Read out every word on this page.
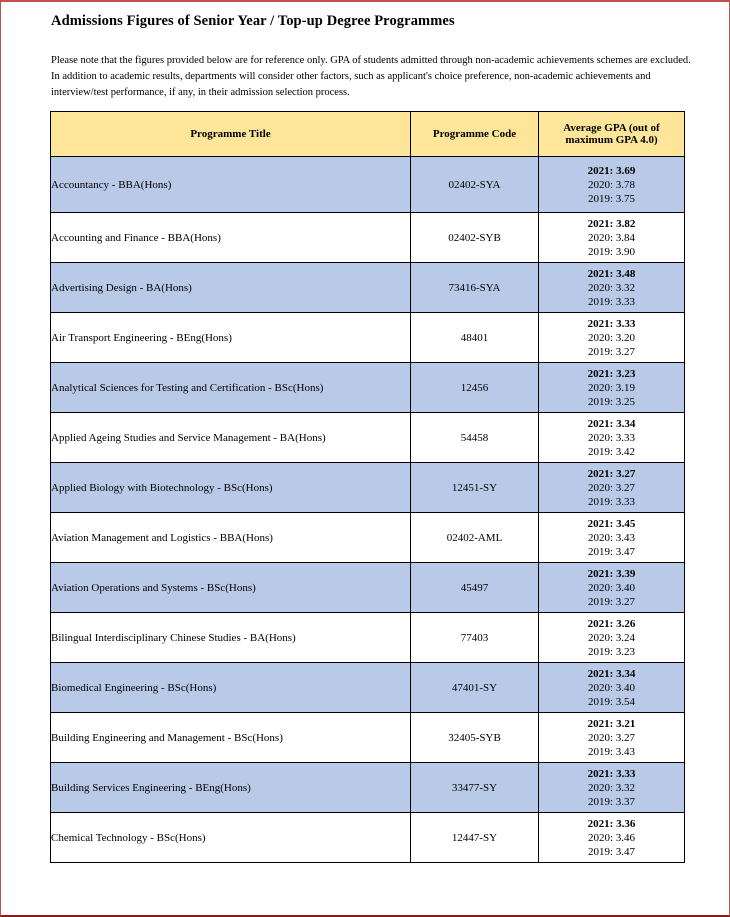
Admissions Figures of Senior Year / Top-up Degree Programmes
Please note that the figures provided below are for reference only. GPA of students admitted through non-academic achievements schemes are excluded. In addition to academic results, departments will consider other factors, such as applicant's choice preference, non-academic achievements and interview/test performance, if any, in their admission selection process.
Programme Title	Programme Code	Average GPA (out of maximum GPA 4.0)
Accountancy - BBA(Hons)	02402-SYA	2021: 3.69
2020: 3.78
2019: 3.75

Accounting and Finance - BBA(Hons)	02402-SYB	2021: 3.82
2020: 3.84
2019: 3.90

Advertising Design - BA(Hons)	73416-SYA	2021: 3.48
2020: 3.32
2019: 3.33

Air Transport Engineering - BEng(Hons)	48401	2021: 3.33
2020: 3.20
2019: 3.27

Analytical Sciences for Testing and Certification - BSc(Hons)	12456	2021: 3.23
2020: 3.19
2019: 3.25

Applied Ageing Studies and Service Management - BA(Hons)	54458	2021: 3.34
2020: 3.33
2019: 3.42

Applied Biology with Biotechnology - BSc(Hons)	12451-SY	2021: 3.27
2020: 3.27
2019: 3.33

Aviation Management and Logistics - BBA(Hons)	02402-AML	2021: 3.45
2020: 3.43
2019: 3.47

Aviation Operations and Systems - BSc(Hons)	45497	2021: 3.39
2020: 3.40
2019: 3.27

Bilingual Interdisciplinary Chinese Studies - BA(Hons)	77403	2021: 3.26
2020: 3.24
2019: 3.23

Biomedical Engineering - BSc(Hons)	47401-SY	2021: 3.34
2020: 3.40
2019: 3.54

Building Engineering and Management - BSc(Hons)	32405-SYB	2021: 3.21
2020: 3.27
2019: 3.43

Building Services Engineering - BEng(Hons)	33477-SY	2021: 3.33
2020: 3.32
2019: 3.37

Chemical Technology - BSc(Hons)	12447-SY	2021: 3.36
2020: 3.46
2019: 3.47
